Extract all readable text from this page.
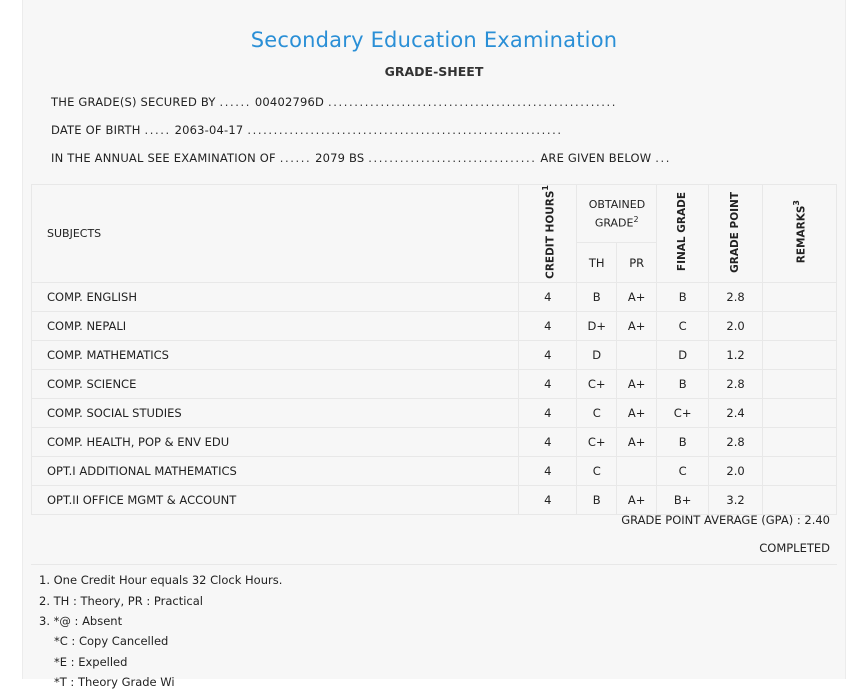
Secondary Education Examination
GRADE-SHEET
THE GRADE(S) SECURED BY ...... 00402796D .......................................................
DATE OF BIRTH ..... 2063-04-17 ............................................................
IN THE ANNUAL SEE EXAMINATION OF ...... 2079 BS ................................ ARE GIVEN BELOW ...
SUBJECTS	CREDIT HOURS$^1$	OBTAINED GRADE$^2$		FINAL GRADE	GRADE POINT	REMARKS$^3$
		TH	PR			
COMP. ENGLISH	4	B	A+	B	2.8	
COMP. NEPALI	4	D+	A+	C	2.0	
COMP. MATHEMATICS	4	D		D	1.2	
COMP. SCIENCE	4	C+	A+	B	2.8	
COMP. SOCIAL STUDIES	4	C	A+	C+	2.4	
COMP. HEALTH, POP & ENV EDU	4	C+	A+	B	2.8	
OPT.I ADDITIONAL MATHEMATICS	4	C		C	2.0	
OPT.II OFFICE MGMT & ACCOUNT	4	B	A+	B+	3.2	
GRADE POINT AVERAGE (GPA) : 2.40
COMPLETED
1. One Credit Hour equals 32 Clock Hours.
2. TH : Theory, PR : Practical
3. *@ : Absent
*C : Copy Cancelled
*E : Expelled
*T : Theory Grade Wi
